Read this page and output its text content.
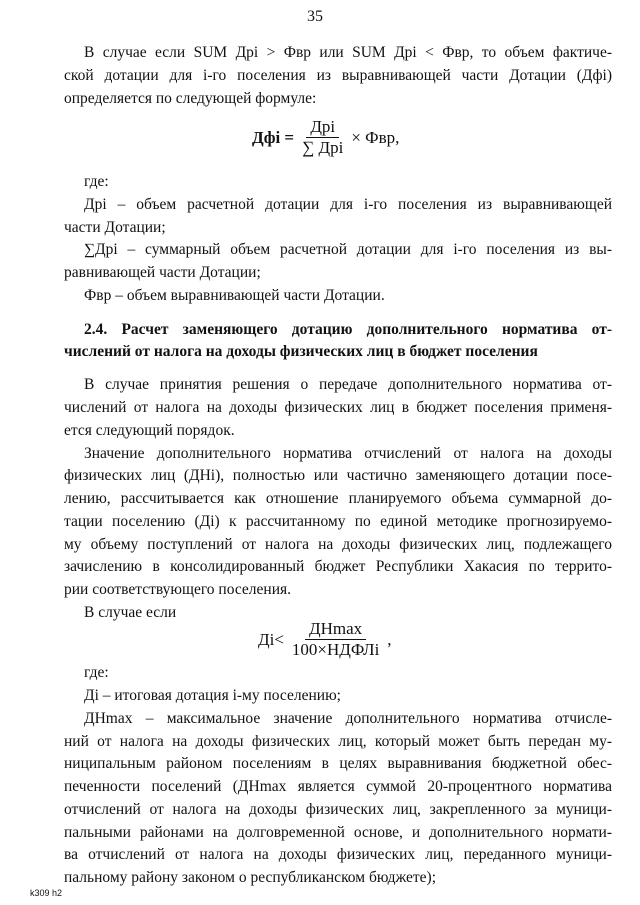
35
В случае если SUM Дрі > Фвр или SUM Дрі < Фвр, то объем фактиче-
ской дотации для і-го поселения из выравнивающей части Дотации (Дфі)
определяется по следующей формуле:
Дфі =
Дрі
∑ Дрі
× Фвр,
где:
Дрі – объем расчетной дотации для і-го поселения из выравнивающей
части Дотации;
∑Дрі – суммарный объем расчетной дотации для і-го поселения из вы-
равнивающей части Дотации;
Фвр – объем выравнивающей части Дотации.
2.4. Расчет заменяющего дотацию дополнительного норматива от-
числений от налога на доходы физических лиц в бюджет поселения
В случае принятия решения о передаче дополнительного норматива от-
числений от налога на доходы физических лиц в бюджет поселения применя-
ется следующий порядок.
Значение дополнительного норматива отчислений от налога на доходы
физических лиц (ДНі), полностью или частично заменяющего дотации посе-
лению, рассчитывается как отношение планируемого объема суммарной до-
тации поселению (Ді) к рассчитанному по единой методике прогнозируемо-
му объему поступлений от налога на доходы физических лиц, подлежащего
зачислению в консолидированный бюджет Республики Хакасия по террито-
рии соответствующего поселения.
В случае если
Ді<
ДНmax
100×НДФЛі
,
где:
Ді – итоговая дотация і-му поселению;
ДНmax – максимальное значение дополнительного норматива отчисле-
ний от налога на доходы физических лиц, который может быть передан му-
ниципальным районом поселениям в целях выравнивания бюджетной обес-
печенности поселений (ДНmax является суммой 20-процентного норматива
отчислений от налога на доходы физических лиц, закрепленного за муници-
пальными районами на долговременной основе, и дополнительного нормати-
ва отчислений от налога на доходы физических лиц, переданного муници-
пальному району законом о республиканском бюджете);
k309 h2
